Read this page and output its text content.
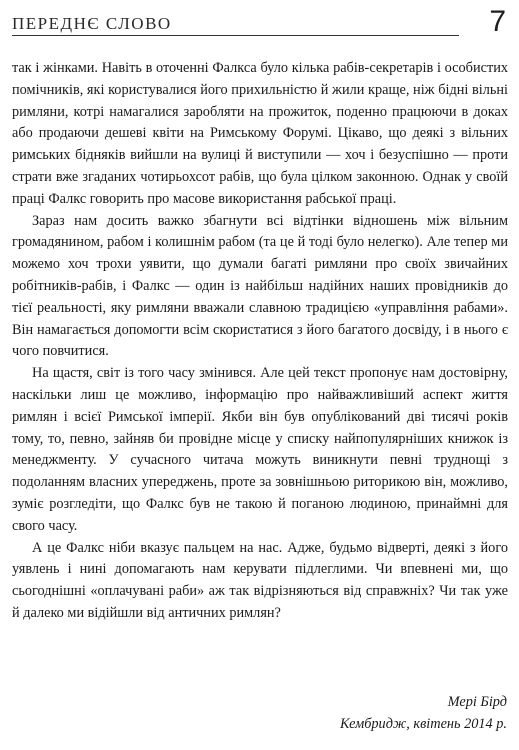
ПЕРЕДНЄ СЛОВО	7

так і жінками. Навіть в оточенні Фалкса було кілька рабів-секретарів і особистих помічників, які користувалися його прихильністю й жили краще, ніж бідні вільні римляни, котрі намагалися заробляти на прожиток, поденно працюючи в доках або продаючи дешеві квіти на Римському Форумі. Цікаво, що деякі з вільних римських бідняків вийшли на вулиці й виступили — хоч і безуспішно — проти страти вже згаданих чотирьохсот рабів, що була цілком законною. Однак у своїй праці Фалкс говорить про масове використання рабської праці.

Зараз нам досить важко збагнути всі відтінки відношень між вільним громадянином, рабом і колишнім рабом (та це й тоді було нелегко). Але тепер ми можемо хоч трохи уявити, що думали багаті римляни про своїх звичайних робітників-рабів, і Фалкс — один із найбільш надійних наших провідників до тієї реальності, яку римляни вважали славною традицією «управління рабами». Він намагається допомогти всім скористатися з його багатого досвіду, і в нього є чого повчитися.

На щастя, світ із того часу змінився. Але цей текст пропонує нам достовірну, наскільки лиш це можливо, інформацію про найважливіший аспект життя римлян і всієї Римської імперії. Якби він був опублікований дві тисячі років тому, то, певно, зайняв би провідне місце у списку найпопулярніших книжок із менеджменту. У сучасного читача можуть виникнути певні труднощі з подоланням власних упереджень, проте за зовнішньою риторикою він, можливо, зуміє розгледіти, що Фалкс був не такою й поганою людиною, принаймні для свого часу.

А це Фалкс ніби вказує пальцем на нас. Адже, будьмо відверті, деякі з його уявлень і нині допомагають нам керувати підлеглими. Чи впевнені ми, що сьогоднішні «оплачувані раби» аж так відрізняються від справжніх? Чи так уже й далеко ми відійшли від античних римлян?

Мері Бірд
Кембридж, квітень 2014 р.
